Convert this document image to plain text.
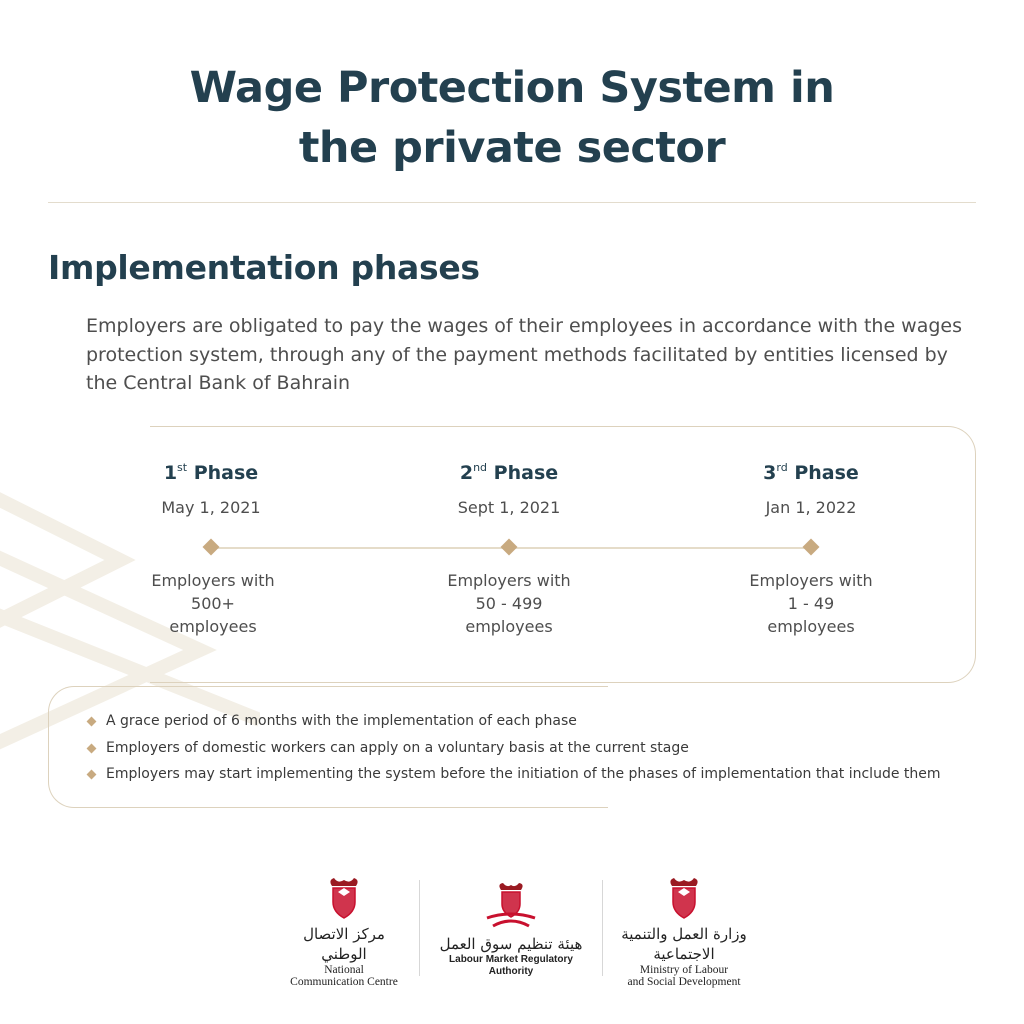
Wage Protection System in
the private sector
Implementation phases

Employers are obligated to pay the wages of their employees in accordance with the wages protection system, through any of the payment methods facilitated by entities licensed by the Central Bank of Bahrain

1st Phase
May 1, 2021
Employers with
500+
employees
2nd Phase
Sept 1, 2021
Employers with
50 - 499
employees
3rd Phase
Jan 1, 2022
Employers with
1 - 49
employees
A grace period of 6 months with the implementation of each phase
Employers of domestic workers can apply on a voluntary basis at the current stage
Employers may start implementing the system before the initiation of the phases of implementation that include them
مركز الاتصال الوطني
National
Communication Centre
هيئة تنظيم سوق العمل
Labour Market Regulatory Authority
وزارة العمل والتنمية الاجتماعية
Ministry of Labour
and Social Development
